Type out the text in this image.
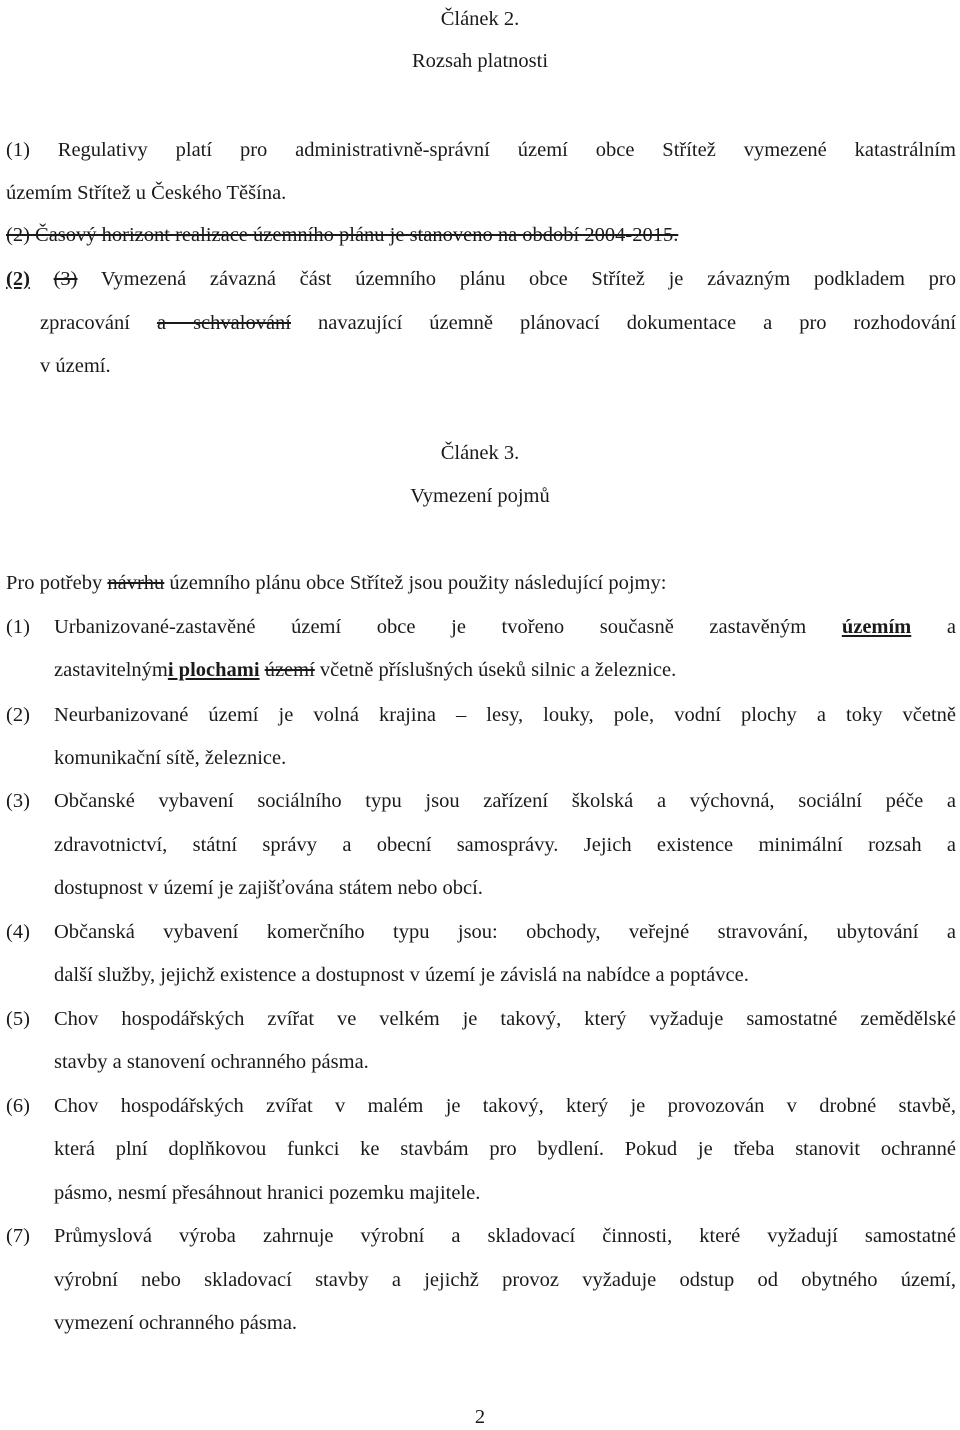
Článek 2.
Rozsah platnosti
(1) Regulativy platí pro administrativně-správní území obce Střítež vymezené katastrálním
územím Střítež u Českého Těšína.
(2) Časový horizont realizace územního plánu je stanoveno na období 2004-2015.
(2) (3) Vymezená závazná část územního plánu obce Střítež je závazným podkladem pro
zpracování a schvalování navazující územně plánovací dokumentace a pro rozhodování
v území.
Článek 3.
Vymezení pojmů
Pro potřeby návrhu územního plánu obce Střítež jsou použity následující pojmy:
(1) Urbanizované-zastavěné území obce je tvořeno současně zastavěným územím a
zastavitelnými plochami území včetně příslušných úseků silnic a železnice.
(2) Neurbanizované území je volná krajina – lesy, louky, pole, vodní plochy a toky včetně
komunikační sítě, železnice.
(3) Občanské vybavení sociálního typu jsou zařízení školská a výchovná, sociální péče a
zdravotnictví, státní správy a obecní samosprávy. Jejich existence minimální rozsah a
dostupnost v území je zajišťována státem nebo obcí.
(4) Občanská vybavení komerčního typu jsou: obchody, veřejné stravování, ubytování a
další služby, jejichž existence a dostupnost v území je závislá na nabídce a poptávce.
(5) Chov hospodářských zvířat ve velkém je takový, který vyžaduje samostatné zemědělské
stavby a stanovení ochranného pásma.
(6) Chov hospodářských zvířat v malém je takový, který je provozován v drobné stavbě,
která plní doplňkovou funkci ke stavbám pro bydlení. Pokud je třeba stanovit ochranné
pásmo, nesmí přesáhnout hranici pozemku majitele.
(7) Průmyslová výroba zahrnuje výrobní a skladovací činnosti, které vyžadují samostatné
výrobní nebo skladovací stavby a jejichž provoz vyžaduje odstup od obytného území,
vymezení ochranného pásma.
2
